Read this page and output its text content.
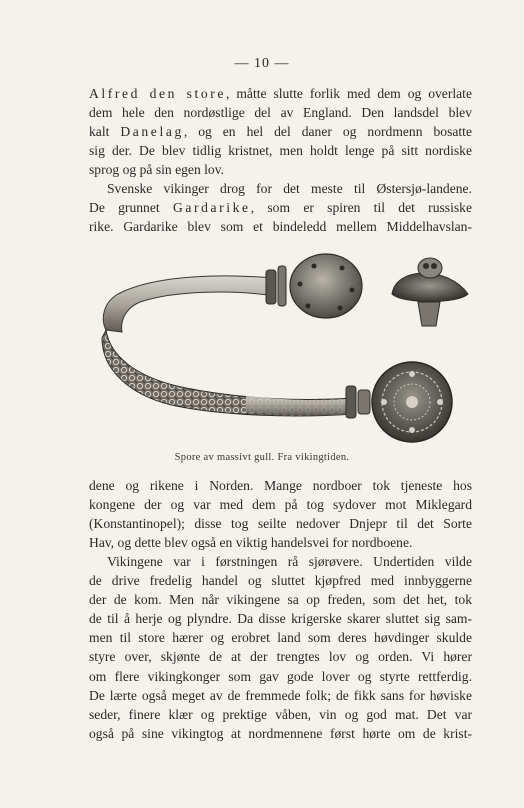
— 10 —
Alfred den store, måtte slutte forlik med dem og overlate
dem hele den nordøstlige del av England. Den landsdel blev
kalt Danelag, og en hel del daner og nordmenn bosatte
sig der. De blev tidlig kristnet, men holdt lenge på sitt nordiske
sprog og på sin egen lov.
Svenske vikinger drog for det meste til Østersjø-landene.
De grunnet Gardarike, som er spiren til det russiske
rike. Gardarike blev som et bindeledd mellem Middelhavslan-
Spore av massivt gull. Fra vikingtiden.
dene og rikene i Norden. Mange nordboer tok tjeneste hos
kongene der og var med dem på tog sydover mot Miklegard
(Konstantinopel); disse tog seilte nedover Dnjepr til det Sorte
Hav, og dette blev også en viktig handelsvei for nordboene.
Vikingene var i førstningen rå sjørøvere. Undertiden vilde
de drive fredelig handel og sluttet kjøpfred med innbyggerne
der de kom. Men når vikingene sa op freden, som det het, tok
de til å herje og plyndre. Da disse krigerske skarer sluttet sig sam-
men til store hærer og erobret land som deres høvdinger skulde
styre over, skjønte de at der trengtes lov og orden. Vi hører
om flere vikingkonger som gav gode lover og styrte rettferdig.
De lærte også meget av de fremmede folk; de fikk sans for høviske
seder, finere klær og prektige våben, vin og god mat. Det var
også på sine vikingtog at nordmennene først hørte om de krist-
